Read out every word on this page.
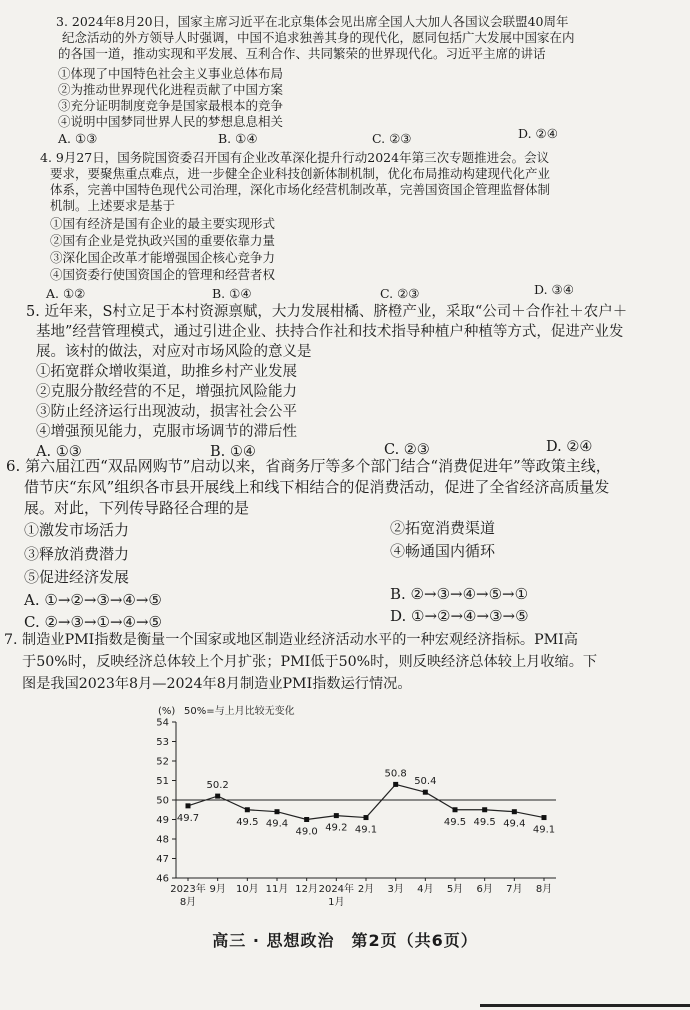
3. 2024年8月20日，国家主席习近平在北京集体会见出席全国人大加人各国议会联盟40周年
纪念活动的外方领导人时强调，中国不追求独善其身的现代化，愿同包括广大发展中国家在内
的各国一道，推动实现和平发展、互利合作、共同繁荣的世界现代化。习近平主席的讲话
①体现了中国特色社会主义事业总体布局
②为推动世界现代化进程贡献了中国方案
③充分证明制度竞争是国家最根本的竞争
④说明中国梦同世界人民的梦想息息相关
A. ①③	B. ①④	C. ②③	D. ②④
4. 9月27日，国务院国资委召开国有企业改革深化提升行动2024年第三次专题推进会。会议
要求，要聚焦重点难点，进一步健全企业科技创新体制机制，优化布局推动构建现代化产业
体系，完善中国特色现代公司治理，深化市场化经营机制改革，完善国资国企管理监督体制
机制。上述要求是基于
①国有经济是国有企业的最主要实现形式
②国有企业是党执政兴国的重要依靠力量
③深化国企改革才能增强国企核心竞争力
④国资委行使国资国企的管理和经营者权
A. ①②	B. ①④	C. ②③	D. ③④
5. 近年来，S村立足于本村资源禀赋，大力发展柑橘、脐橙产业，采取“公司＋合作社＋农户＋
基地”经营管理模式，通过引进企业、扶持合作社和技术指导种植户种植等方式，促进产业发
展。该村的做法，对应对市场风险的意义是
①拓宽群众增收渠道，助推乡村产业发展
②克服分散经营的不足，增强抗风险能力
③防止经济运行出现波动，损害社会公平
④增强预见能力，克服市场调节的滞后性
A. ①③	B. ①④	C. ②③	D. ②④
6. 第六届江西“双品网购节”启动以来，省商务厅等多个部门结合“消费促进年”等政策主线，
借节庆“东风”组织各市县开展线上和线下相结合的促消费活动，促进了全省经济高质量发
展。对此，下列传导路径合理的是
①激发市场活力	②拓宽消费渠道
③释放消费潜力	④畅通国内循环
⑤促进经济发展
B. ②→③→④→⑤→①
A. ①→②→③→④→⑤
D. ①→②→④→③→⑤
C. ②→③→①→④→⑤
7. 制造业PMI指数是衡量一个国家或地区制造业经济活动水平的一种宏观经济指标。PMI高
于50%时，反映经济总体较上个月扩张；PMI低于50%时，则反映经济总体较上月收缩。下
图是我国2023年8月—2024年8月制造业PMI指数运行情况。
46
47
48
49
50
51
52
53
54
(%) 50%=与上月比较无变化
49.7
2023年
8月
50.2
9月
49.5
10月
49.4
11月
49.0
12月
49.2
2024年
1月
49.1
2月
50.8
3月
50.4
4月
49.5
5月
49.5
6月
49.4
7月
49.1
8月
高三 · 思想政治　第2页（共6页）
